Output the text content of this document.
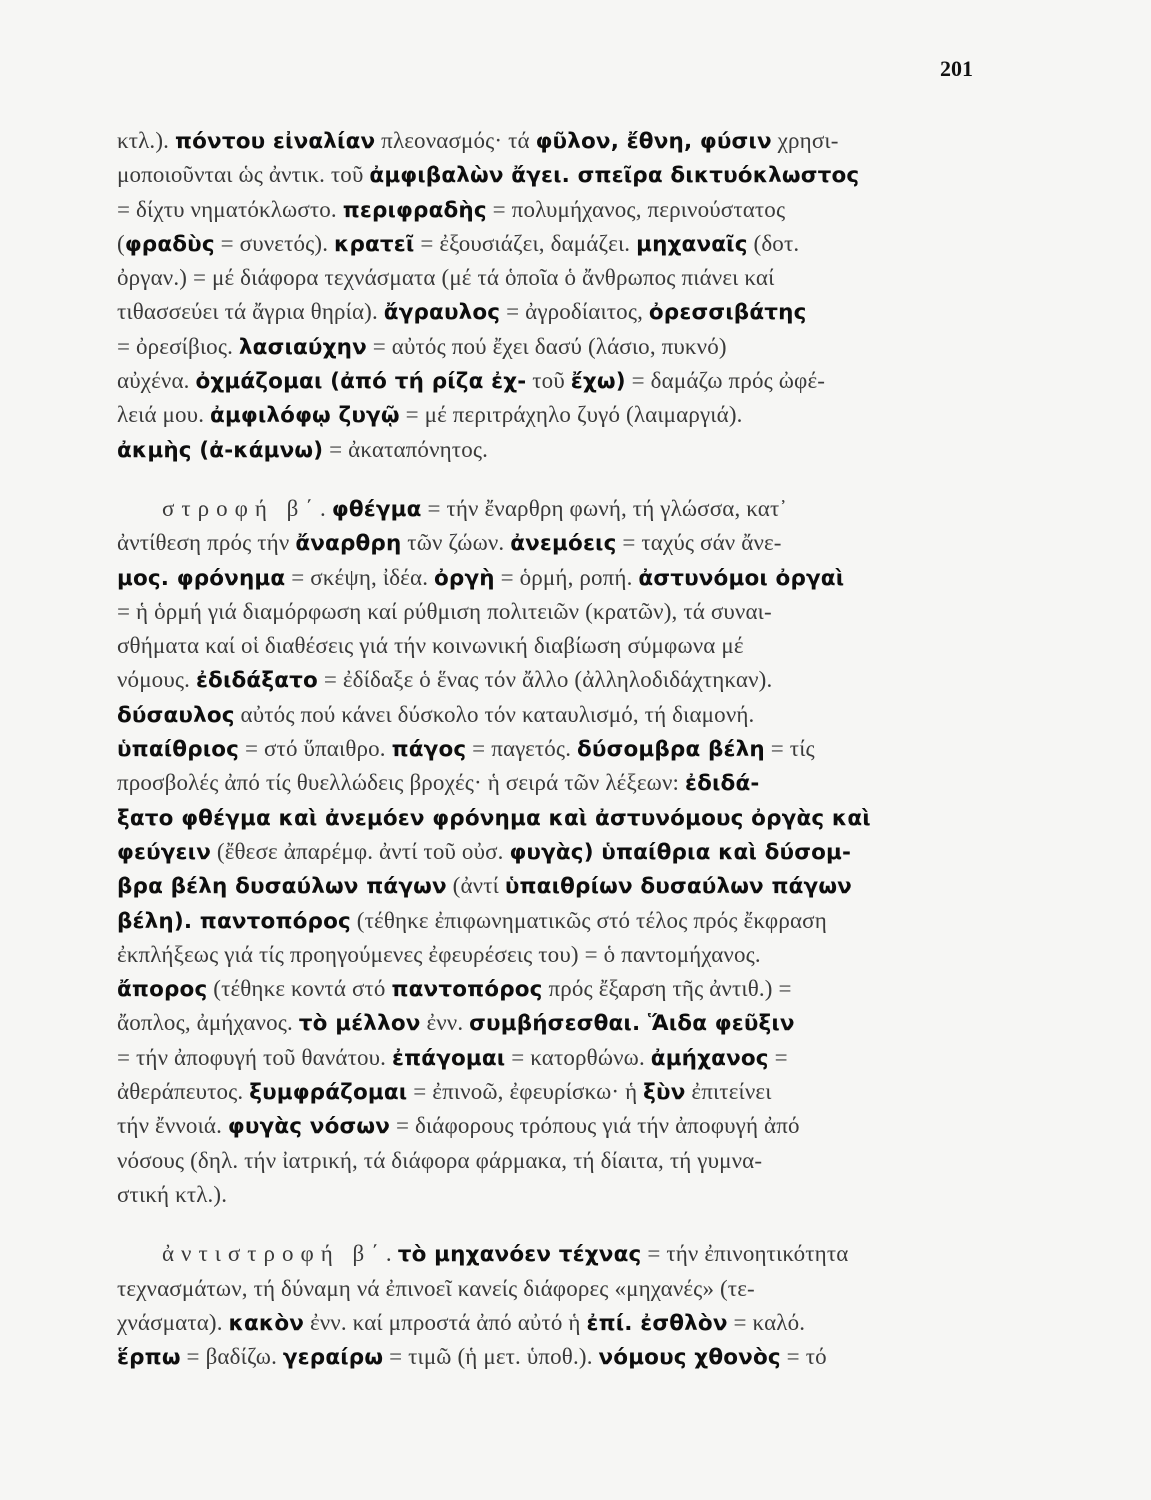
201
κτλ.). πόντου εἰναλίαν πλεονασμός· τά φῦλον, ἔθνη, φύσιν χρησι-
μοποιοῦνται ὡς ἀντικ. τοῦ ἀμφιβαλὼν ἄγει. σπεῖρα δικτυόκλωστος
= δίχτυ νηματόκλωστο. περιφραδὴς = πολυμήχανος, περινούστατος
(φραδὺς = συνετός). κρατεῖ = ἐξουσιάζει, δαμάζει. μηχαναῖς (δοτ.
ὀργαν.) = μέ διάφορα τεχνάσματα (μέ τά ὁποῖα ὁ ἄνθρωπος πιάνει καί
τιθασσεύει τά ἄγρια θηρία). ἄγραυλος = ἀγροδίαιτος, ὀρεσσιβάτης
= ὀρεσίβιος. λασιαύχην = αὐτός πού ἔχει δασύ (λάσιο, πυκνό)
αὐχένα. ὀχμάζομαι (ἀπό τή ρίζα ἐχ- τοῦ ἔχω) = δαμάζω πρός ὠφέ-
λειά μου. ἀμφιλόφῳ ζυγῷ = μέ περιτράχηλο ζυγό (λαιμαργιά).
ἀκμὴς (ἀ-κάμνω) = ἀκαταπόνητος.
στροφή β΄. φθέγμα = τήν ἔναρθρη φωνή, τή γλώσσα, κατ᾽
ἀντίθεση πρός τήν ἄναρθρη τῶν ζώων. ἀνεμόεις = ταχύς σάν ἄνε-
μος. φρόνημα = σκέψη, ἰδέα. ὀργὴ = ὁρμή, ροπή. ἀστυνόμοι ὀργαὶ
= ἡ ὁρμή γιά διαμόρφωση καί ρύθμιση πολιτειῶν (κρατῶν), τά συναι-
σθήματα καί οἱ διαθέσεις γιά τήν κοινωνική διαβίωση σύμφωνα μέ
νόμους. ἐδιδάξατο = ἐδίδαξε ὁ ἕνας τόν ἄλλο (ἀλληλοδιδάχτηκαν).
δύσαυλος αὐτός πού κάνει δύσκολο τόν καταυλισμό, τή διαμονή.
ὑπαίθριος = στό ὕπαιθρο. πάγος = παγετός. δύσομβρα βέλη = τίς
προσβολές ἀπό τίς θυελλώδεις βροχές· ἡ σειρά τῶν λέξεων: ἐδιδά-
ξατο φθέγμα καὶ ἀνεμόεν φρόνημα καὶ ἀστυνόμους ὀργὰς καὶ
φεύγειν (ἔθεσε ἀπαρέμφ. ἀντί τοῦ οὐσ. φυγὰς) ὑπαίθρια καὶ δύσομ-
βρα βέλη δυσαύλων πάγων (ἀντί ὑπαιθρίων δυσαύλων πάγων
βέλη). παντοπόρος (τέθηκε ἐπιφωνηματικῶς στό τέλος πρός ἔκφραση
ἐκπλήξεως γιά τίς προηγούμενες ἐφευρέσεις του) = ὁ παντομήχανος.
ἄπορος (τέθηκε κοντά στό παντοπόρος πρός ἔξαρση τῆς ἀντιθ.) =
ἄοπλος, ἀμήχανος. τὸ μέλλον ἐνν. συμβήσεσθαι. Ἅιδα φεῦξιν
= τήν ἀποφυγή τοῦ θανάτου. ἐπάγομαι = κατορθώνω. ἀμήχανος =
ἀθεράπευτος. ξυμφράζομαι = ἐπινοῶ, ἐφευρίσκω· ἡ ξὺν ἐπιτείνει
τήν ἔννοιά. φυγὰς νόσων = διάφορους τρόπους γιά τήν ἀποφυγή ἀπό
νόσους (δηλ. τήν ἰατρική, τά διάφορα φάρμακα, τή δίαιτα, τή γυμνα-
στική κτλ.).
ἀντιστροφή β΄. τὸ μηχανόεν τέχνας = τήν ἐπινοητικότητα
τεχνασμάτων, τή δύναμη νά ἐπινοεῖ κανείς διάφορες «μηχανές» (τε-
χνάσματα). κακὸν ἐνν. καί μπροστά ἀπό αὐτό ἡ ἐπί. ἐσθλὸν = καλό.
ἕρπω = βαδίζω. γεραίρω = τιμῶ (ἡ μετ. ὑποθ.). νόμους χθονὸς = τό
